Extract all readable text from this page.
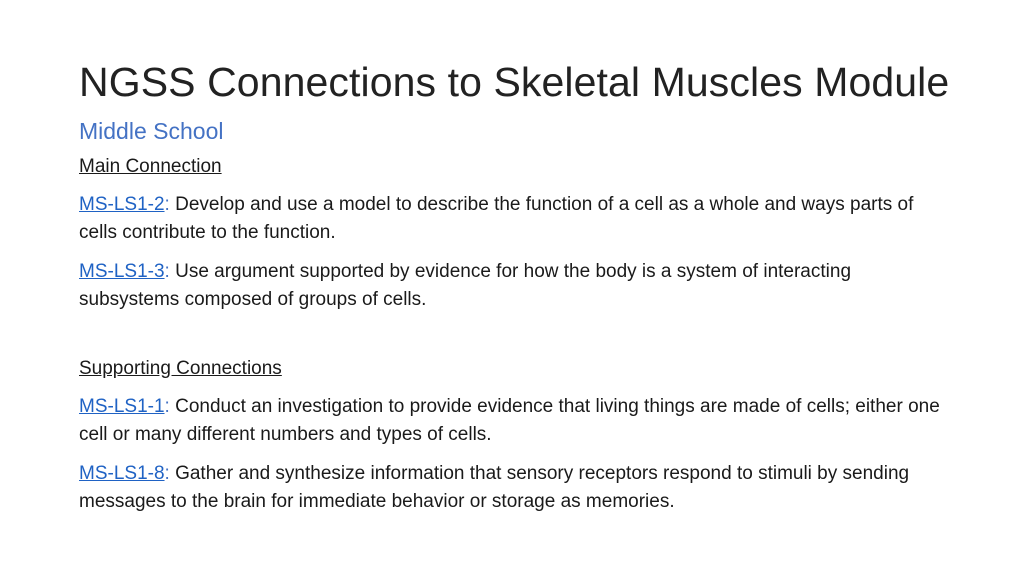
NGSS Connections to Skeletal Muscles Module
Middle School
Main Connection

MS-LS1-2: Develop and use a model to describe the function of a cell as a whole and ways parts of cells contribute to the function.

MS-LS1-3: Use argument supported by evidence for how the body is a system of interacting subsystems composed of groups of cells.

Supporting Connections

MS-LS1-1: Conduct an investigation to provide evidence that living things are made of cells; either one cell or many different numbers and types of cells.

MS-LS1-8: Gather and synthesize information that sensory receptors respond to stimuli by sending messages to the brain for immediate behavior or storage as memories.
